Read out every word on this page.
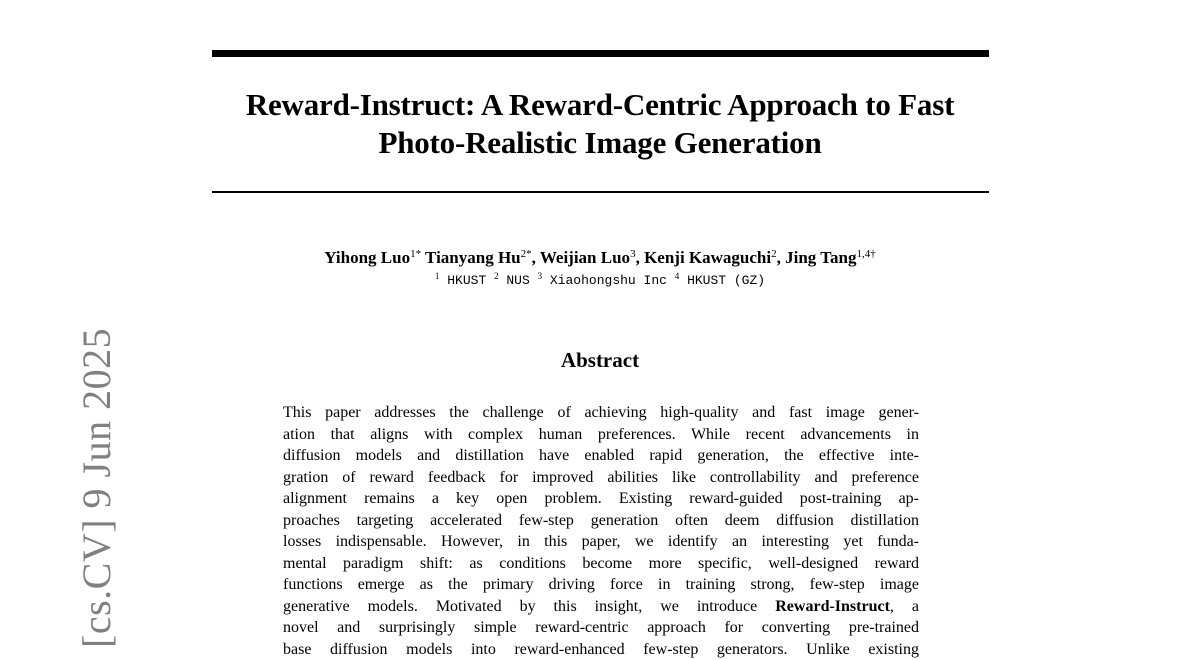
Reward-Instruct: A Reward-Centric Approach to Fast
Photo-Realistic Image Generation
Yihong Luo$^{1*}$ Tianyang $Hu^{2*}$, Weijian Luo$^3$, Kenji Kawaguchi$^2$, Jing Tang$^{1,4\dagger}$
$^1$ HKUST $^2$ NUS $^3$ Xiaohongshu Inc $^4$ HKUST (GZ)
Abstract
This paper addresses the challenge of achieving high-quality and fast image gener-
ation that aligns with complex human preferences. While recent advancements in
diffusion models and distillation have enabled rapid generation, the effective inte-
gration of reward feedback for improved abilities like controllability and preference
alignment remains a key open problem. Existing reward-guided post-training ap-
proaches targeting accelerated few-step generation often deem diffusion distillation
losses indispensable. However, in this paper, we identify an interesting yet funda-
mental paradigm shift: as conditions become more specific, well-designed reward
functions emerge as the primary driving force in training strong, few-step image
generative models. Motivated by this insight, we introduce Reward-Instruct, a
novel and surprisingly simple reward-centric approach for converting pre-trained
base diffusion models into reward-enhanced few-step generators. Unlike existing
[cs.CV] 9 Jun 2025
